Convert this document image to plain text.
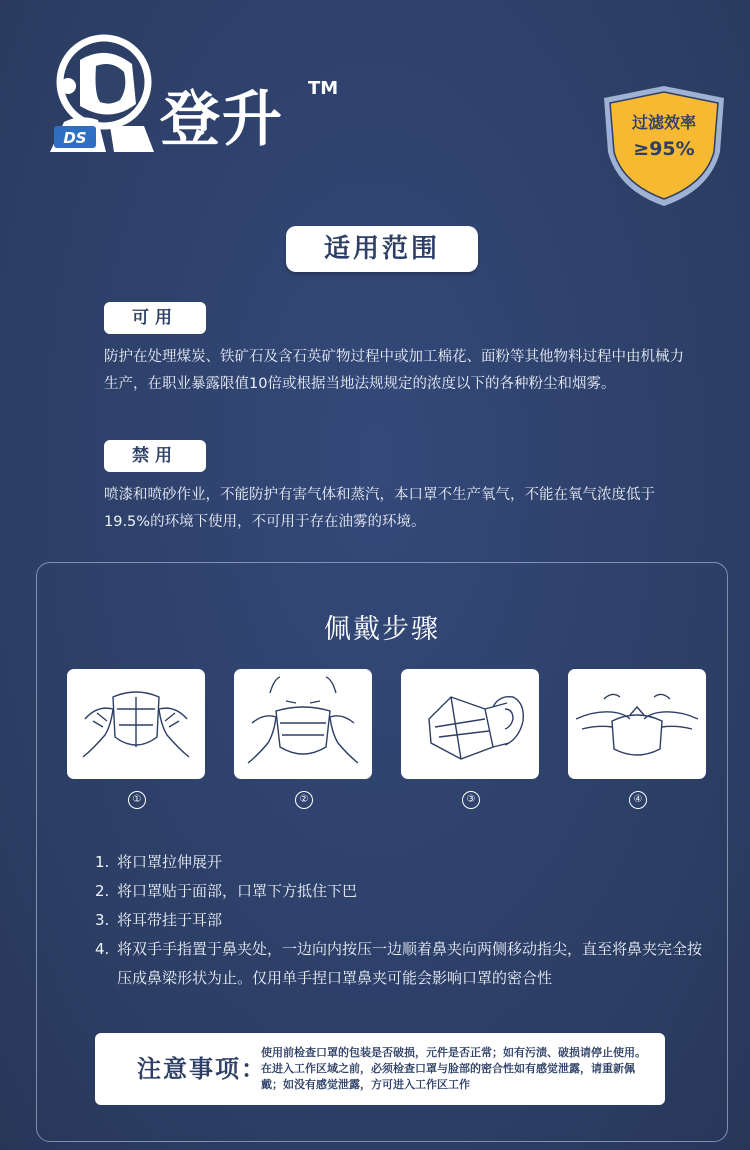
DS 登升 TM
过滤效率
≥95%
适用范围
可用
防护在处理煤炭、铁矿石及含石英矿物过程中或加工棉花、面粉等其他物料过程中由机械力生产，在职业暴露限值10倍或根据当地法规规定的浓度以下的各种粉尘和烟雾。
禁用
喷漆和喷砂作业，不能防护有害气体和蒸汽，本口罩不生产氧气，不能在氧气浓度低于19.5%的环境下使用，不可用于存在油雾的环境。
佩戴步骤
①	②	③	④
1. 将口罩拉伸展开
2. 将口罩贴于面部，口罩下方抵住下巴
3. 将耳带挂于耳部
4. 将双手手指置于鼻夹处，一边向内按压一边顺着鼻夹向两侧移动指尖，直至将鼻夹完全按压成鼻梁形状为止。仅用单手捏口罩鼻夹可能会影响口罩的密合性
注意事项：
使用前检查口罩的包装是否破损，元件是否正常；如有污渍、破损请停止使用。在进入工作区域之前，必须检查口罩与脸部的密合性如有感觉泄露，请重新佩戴；如没有感觉泄露，方可进入工作区工作
